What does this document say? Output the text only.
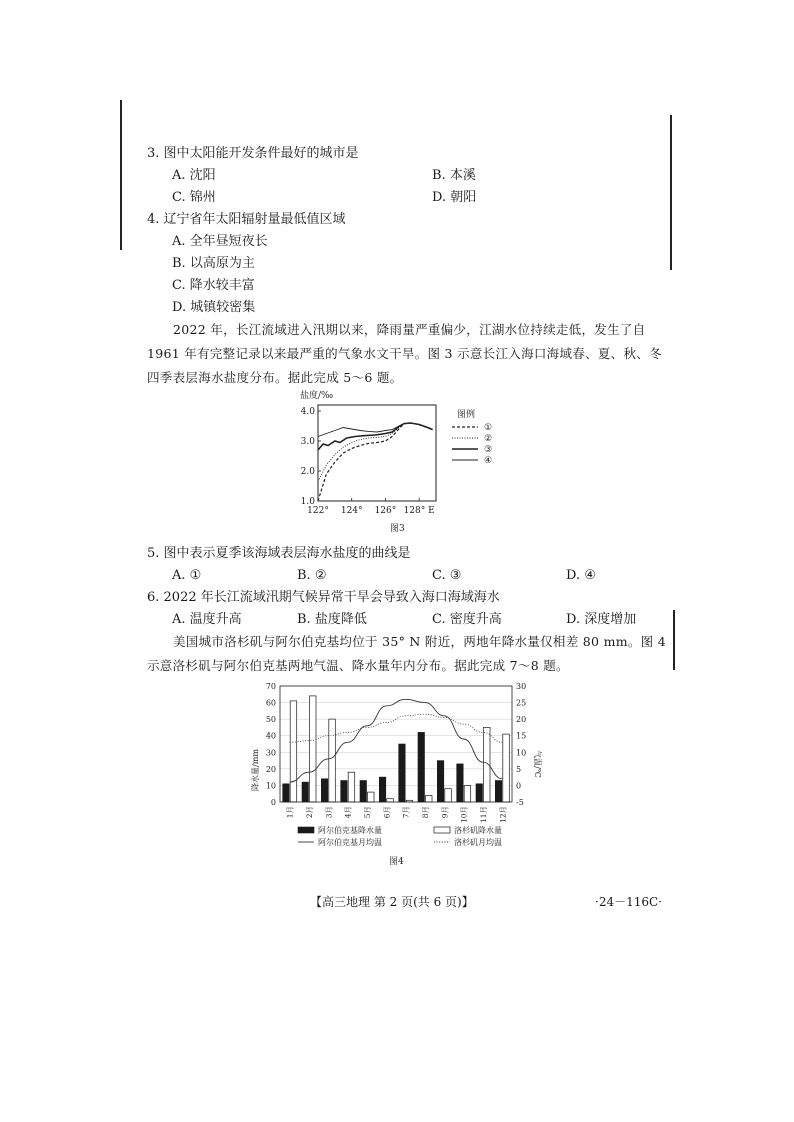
3. 图中太阳能开发条件最好的城市是
A. 沈阳	B. 本溪
C. 锦州	D. 朝阳
4. 辽宁省年太阳辐射量最低值区域
A. 全年昼短夜长
B. 以高原为主
C. 降水较丰富
D. 城镇较密集
2022 年，长江流域进入汛期以来，降雨量严重偏少，江湖水位持续走低，发生了自 1961 年有完整记录以来最严重的气象水文干旱。图 3 示意长江入海口海域春、夏、秋、冬四季表层海水盐度分布。据此完成 5～6 题。
盐度/‰
1.0
2.0
3.0
4.0
122° 124° 126° 128° E
图例
①
②
③
④
图3
5. 图中表示夏季该海域表层海水盐度的曲线是
A. ①	B. ②	C. ③	D. ④
6. 2022 年长江流域汛期气候异常干旱会导致入海口海域海水
A. 温度升高	B. 盐度降低	C. 密度升高	D. 深度增加
美国城市洛杉矶与阿尔伯克基均位于 35° N 附近，两地年降水量仅相差 80 mm。图 4 示意洛杉矶与阿尔伯克基两地气温、降水量年内分布。据此完成 7～8 题。
降水量/mm	气温/℃
0
10
20
30
40
50
60
70
-5
0
5
10
15
20
25
30
1月 2月 3月 4月 5月 6月 7月 8月 9月 10月 11月 12月
阿尔伯克基降水量	洛杉矶降水量
阿尔伯克基月均温	洛杉矶月均温
图4
【高三地理 第 2 页(共 6 页)】	·24－116C·
